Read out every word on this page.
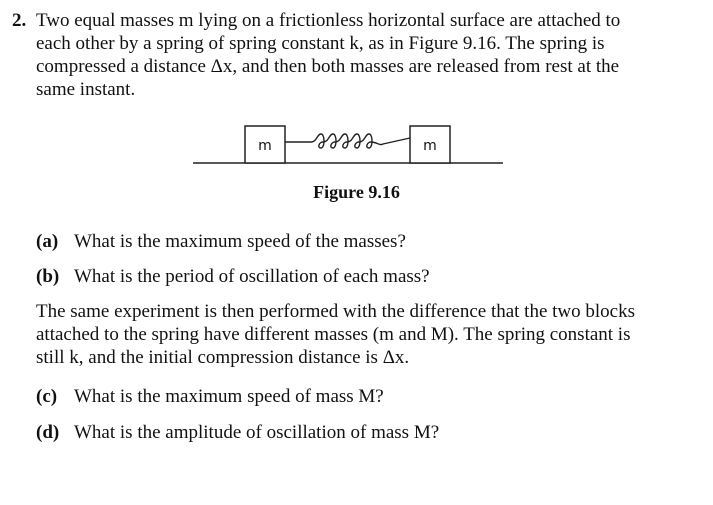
2. Two equal masses m lying on a frictionless horizontal surface are attached to
each other by a spring of spring constant k, as in Figure 9.16. The spring is
compressed a distance Δx, and then both masses are released from rest at the
same instant.
m	m
Figure 9.16
(a) What is the maximum speed of the masses?
(b) What is the period of oscillation of each mass?
The same experiment is then performed with the difference that the two blocks
attached to the spring have different masses (m and M). The spring constant is
still k, and the initial compression distance is Δx.
(c) What is the maximum speed of mass M?
(d) What is the amplitude of oscillation of mass M?
